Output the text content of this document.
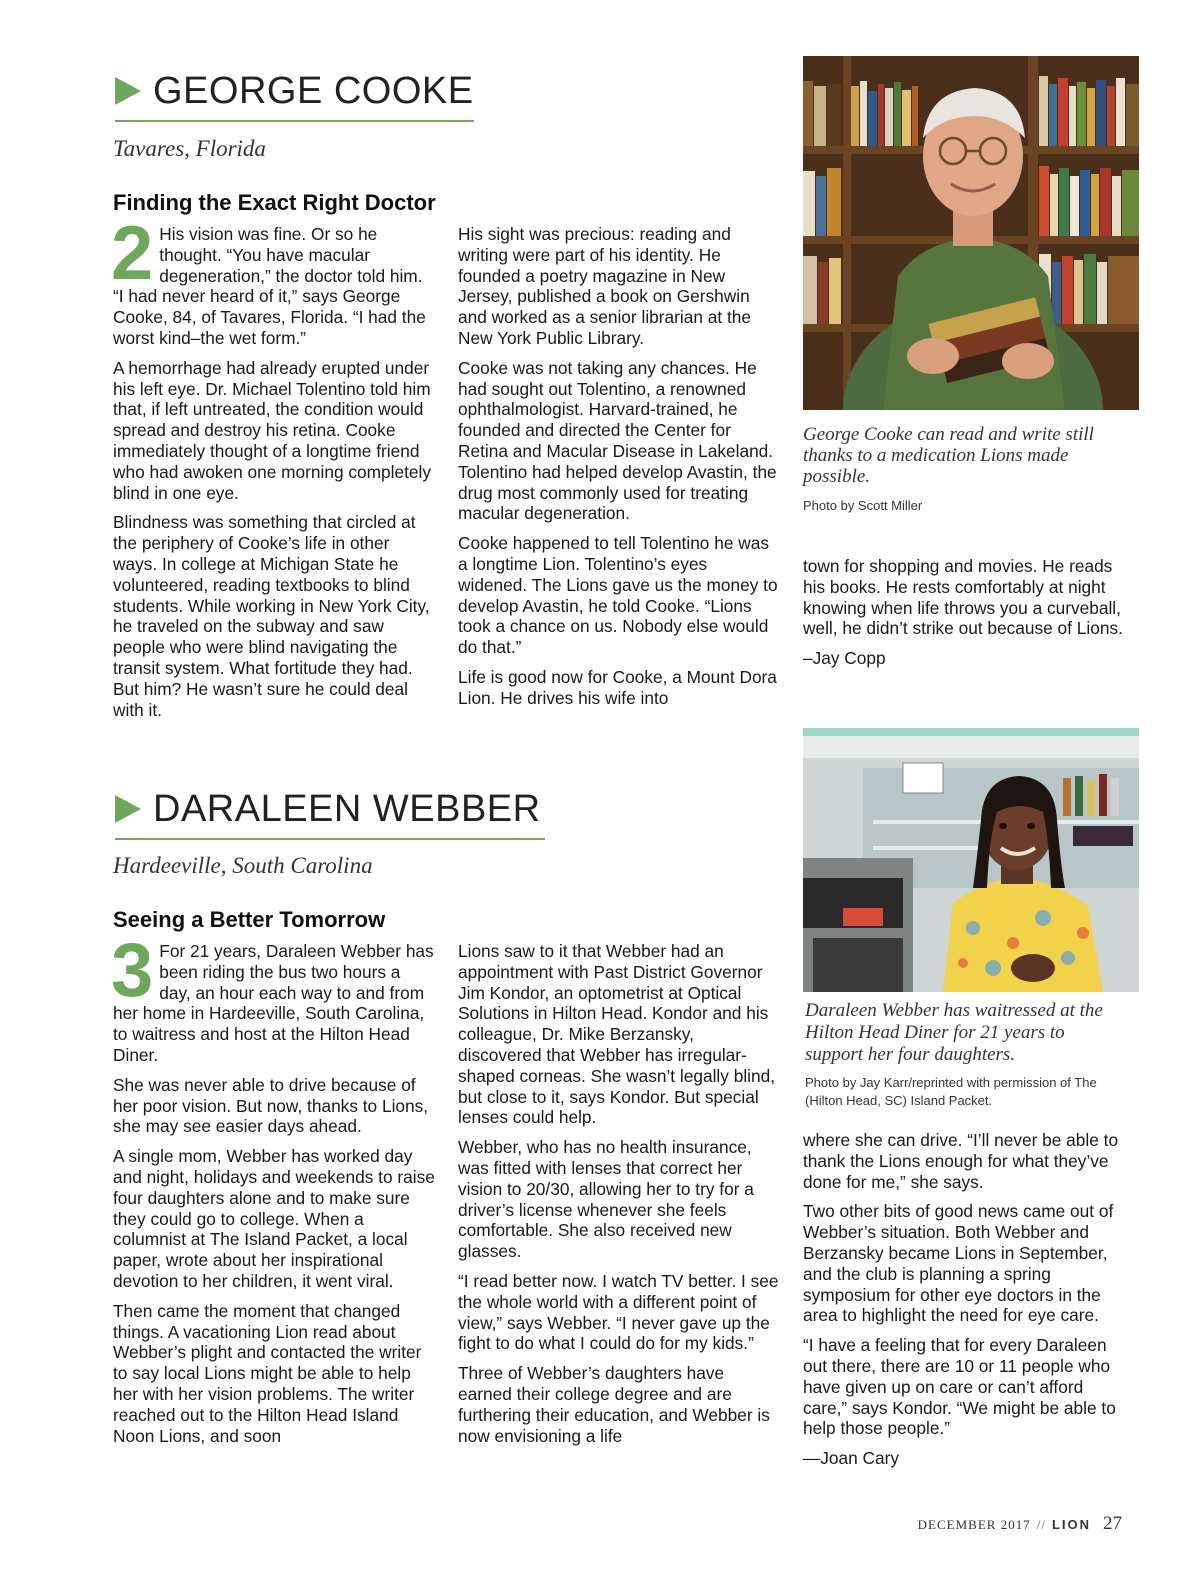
GEORGE COOKE
Tavares, Florida
Finding the Exact Right Doctor

2 His vision was fine. Or so he thought. “You have macular degeneration,” the doctor told him. “I had never heard of it,” says George Cooke, 84, of Tavares, Florida. “I had the worst kind–the wet form.”

A hemorrhage had already erupted under his left eye. Dr. Michael Tolentino told him that, if left untreated, the condition would spread and destroy his retina. Cooke immediately thought of a longtime friend who had awoken one morning completely blind in one eye.

Blindness was something that circled at the periphery of Cooke’s life in other ways. In college at Michigan State he volunteered, reading textbooks to blind students. While working in New York City, he traveled on the subway and saw people who were blind navigating the transit system. What fortitude they had. But him? He wasn’t sure he could deal with it.

His sight was precious: reading and writing were part of his identity. He founded a poetry magazine in New Jersey, published a book on Gershwin and worked as a senior librarian at the New York Public Library.

Cooke was not taking any chances. He had sought out Tolentino, a renowned ophthalmologist. Harvard-trained, he founded and directed the Center for Retina and Macular Disease in Lakeland. Tolentino had helped develop Avastin, the drug most commonly used for treating macular degeneration.

Cooke happened to tell Tolentino he was a longtime Lion. Tolentino’s eyes widened. The Lions gave us the money to develop Avastin, he told Cooke. “Lions took a chance on us. Nobody else would do that.”

Life is good now for Cooke, a Mount Dora Lion. He drives his wife into

George Cooke can read and write still thanks to a medication Lions made possible.

Photo by Scott Miller

town for shopping and movies. He reads his books. He rests comfortably at night knowing when life throws you a curveball, well, he didn’t strike out because of Lions.

–Jay Copp

DARALEEN WEBBER
Hardeeville, South Carolina
Seeing a Better Tomorrow

3 For 21 years, Daraleen Webber has been riding the bus two hours a day, an hour each way to and from her home in Hardeeville, South Carolina, to waitress and host at the Hilton Head Diner.

She was never able to drive because of her poor vision. But now, thanks to Lions, she may see easier days ahead.

A single mom, Webber has worked day and night, holidays and weekends to raise four daughters alone and to make sure they could go to college. When a columnist at The Island Packet, a local paper, wrote about her inspirational devotion to her children, it went viral.

Then came the moment that changed things. A vacationing Lion read about Webber’s plight and contacted the writer to say local Lions might be able to help her with her vision problems. The writer reached out to the Hilton Head Island Noon Lions, and soon

Lions saw to it that Webber had an appointment with Past District Governor Jim Kondor, an optometrist at Optical Solutions in Hilton Head. Kondor and his colleague, Dr. Mike Berzansky, discovered that Webber has irregular-shaped corneas. She wasn’t legally blind, but close to it, says Kondor. But special lenses could help.

Webber, who has no health insurance, was fitted with lenses that correct her vision to 20/30, allowing her to try for a driver’s license whenever she feels comfortable. She also received new glasses.

“I read better now. I watch TV better. I see the whole world with a different point of view,” says Webber. “I never gave up the fight to do what I could do for my kids.”

Three of Webber’s daughters have earned their college degree and are furthering their education, and Webber is now envisioning a life

Daraleen Webber has waitressed at the Hilton Head Diner for 21 years to support her four daughters.

Photo by Jay Karr/reprinted with permission of The (Hilton Head, SC) Island Packet.

where she can drive. “I’ll never be able to thank the Lions enough for what they’ve done for me,” she says.

Two other bits of good news came out of Webber’s situation. Both Webber and Berzansky became Lions in September, and the club is planning a spring symposium for other eye doctors in the area to highlight the need for eye care.

“I have a feeling that for every Daraleen out there, there are 10 or 11 people who have given up on care or can’t afford care,” says Kondor. “We might be able to help those people.”

—Joan Cary

DECEMBER 2017 // LION 27
